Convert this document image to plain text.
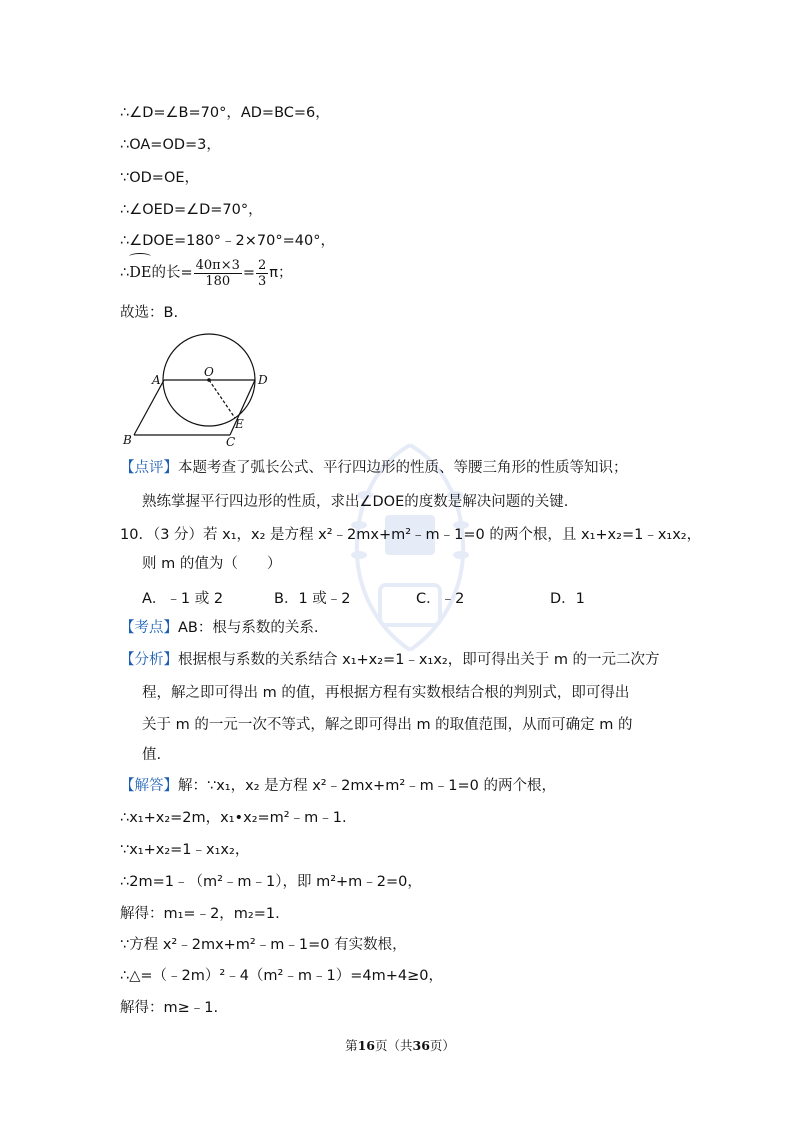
∴∠D=∠B=70°，AD=BC=6，
∴OA=OD=3，
∵OD=OE，
∴∠OED=∠D=70°，
∴∠DOE=180°﹣2×70°=40°，
∴DE的长= $\frac{40\pi\times 3}{180} = \frac{2}{3}$ π；
故选：B.
A
B	C
D
O
E
【点评】本题考查了弧长公式、平行四边形的性质、等腰三角形的性质等知识；
熟练掌握平行四边形的性质，求出∠DOE的度数是解决问题的关键.
10．（3 分）若 x₁，x₂ 是方程 x²﹣2mx+m²﹣m﹣1=0 的两个根，且 x₁+x₂=1﹣x₁x₂，
则 m 的值为（　　）
A．﹣1 或 2	B．1 或﹣2	C．﹣2	D．1
【考点】AB：根与系数的关系.
【分析】根据根与系数的关系结合 x₁+x₂=1﹣x₁x₂，即可得出关于 m 的一元二次方
程，解之即可得出 m 的值，再根据方程有实数根结合根的判别式，即可得出
关于 m 的一元一次不等式，解之即可得出 m 的取值范围，从而可确定 m 的
值.
【解答】解：∵x₁，x₂ 是方程 x²﹣2mx+m²﹣m﹣1=0 的两个根，
∴x₁+x₂=2m，x₁•x₂=m²﹣m﹣1.
∵x₁+x₂=1﹣x₁x₂，
∴2m=1﹣（m²﹣m﹣1），即 m²+m﹣2=0，
解得：m₁=﹣2，m₂=1.
∵方程 x²﹣2mx+m²﹣m﹣1=0 有实数根，
∴△=（﹣2m）²﹣4（m²﹣m﹣1）=4m+4≥0，
解得：m≥﹣1.
第16页（共36页）
